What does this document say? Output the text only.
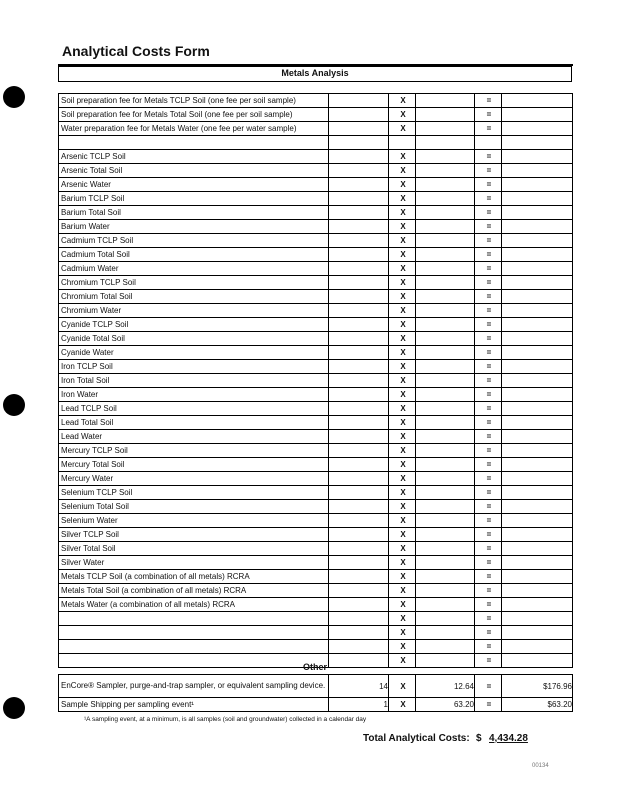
Analytical Costs Form
Metals Analysis
Soil preparation fee for Metals TCLP Soil (one fee per soil sample)		X		=	
Soil preparation fee for Metals Total Soil (one fee per soil sample)		X		=	
Water preparation fee for Metals Water (one fee per water sample)		X		=	

Arsenic TCLP Soil		X		=	
Arsenic Total Soil		X		=	
Arsenic Water		X		=	
Barium TCLP Soil		X		=	
Barium Total Soil		X		=	
Barium Water		X		=	
Cadmium TCLP Soil		X		=	
Cadmium Total Soil		X		=	
Cadmium Water		X		=	
Chromium TCLP Soil		X		=	
Chromium Total Soil		X		=	
Chromium Water		X		=	
Cyanide TCLP Soil		X		=	
Cyanide Total Soil		X		=	
Cyanide Water		X		=	
Iron TCLP Soil		X		=	
Iron Total Soil		X		=	
Iron Water		X		=	
Lead TCLP Soil		X		=	
Lead Total Soil		X		=	
Lead Water		X		=	
Mercury TCLP Soil		X		=	
Mercury Total Soil		X		=	
Mercury Water		X		=	
Selenium TCLP Soil		X		=	
Selenium Total Soil		X		=	
Selenium Water		X		=	
Silver TCLP Soil		X		=	
Silver Total Soil		X		=	
Silver Water		X		=	
Metals TCLP Soil (a combination of all metals) RCRA		X		=	
Metals Total Soil (a combination of all metals) RCRA		X		=	
Metals Water (a combination of all metals) RCRA		X		=	
		X		=	
		X		=	
		X		=	
		X		=	
Other
EnCore® Sampler, purge-and-trap sampler, or equivalent sampling device.	14	X	12.64	=	$176.96
Sample Shipping per sampling event¹	1	X	63.20	=	$63.20
¹A sampling event, at a minimum, is all samples (soil and groundwater) collected in a calendar day
Total Analytical Costs: $ 4,434.28
00134
